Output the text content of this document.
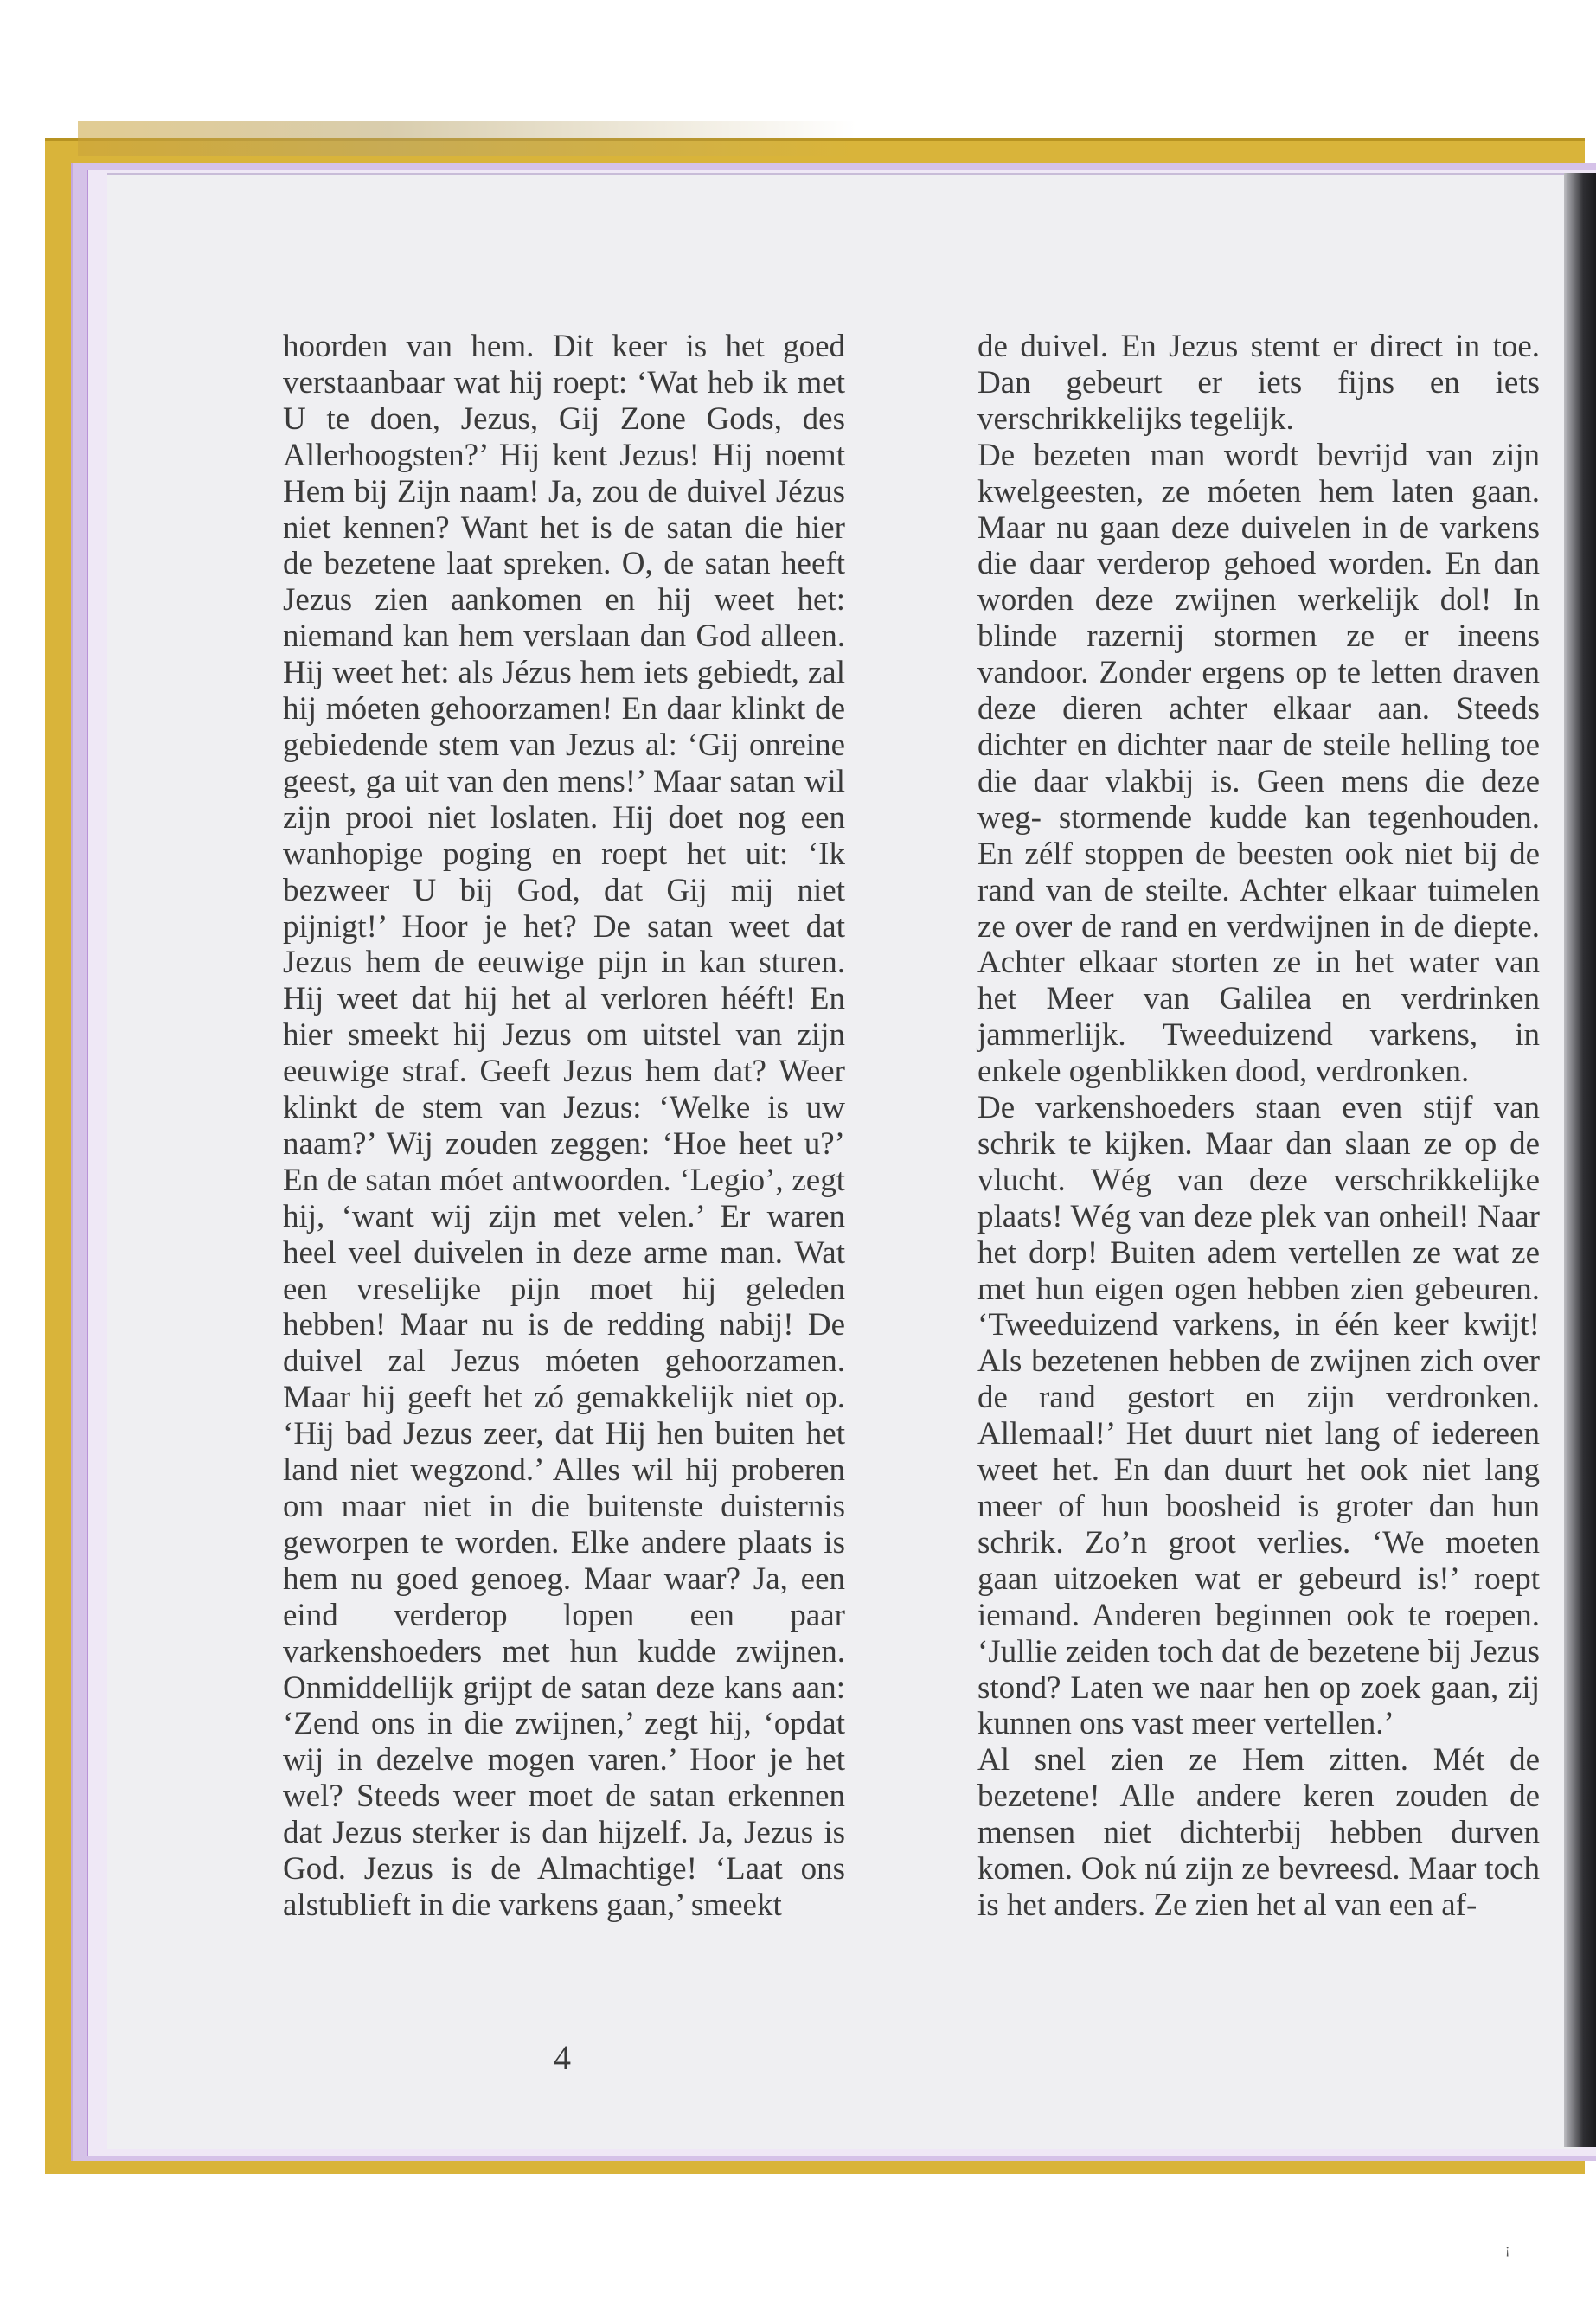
hoorden van hem. Dit keer is het goed verstaanbaar wat hij roept: ‘Wat heb ik met U te doen, Jezus, Gij Zone Gods, des Allerhoogsten?’ Hij kent Jezus! Hij noemt Hem bij Zijn naam! Ja, zou de duivel Jézus niet kennen? Want het is de satan die hier de bezetene laat spreken. O, de satan heeft Jezus zien aankomen en hij weet het: niemand kan hem verslaan dan God alleen. Hij weet het: als Jézus hem iets gebiedt, zal hij móeten gehoorzamen! En daar klinkt de gebiedende stem van Jezus al: ‘Gij onreine geest, ga uit van den mens!’ Maar satan wil zijn prooi niet loslaten. Hij doet nog een wanhopige poging en roept het uit: ‘Ik bezweer U bij God, dat Gij mij niet pijnigt!’ Hoor je het? De satan weet dat Jezus hem de eeuwige pijn in kan sturen. Hij weet dat hij het al verloren hééft! En hier smeekt hij Jezus om uitstel van zijn eeuwige straf. Geeft Jezus hem dat? Weer klinkt de stem van Jezus: ‘Welke is uw naam?’ Wij zouden zeggen: ‘Hoe heet u?’ En de satan móet antwoorden. ‘Legio’, zegt hij, ‘want wij zijn met velen.’ Er waren heel veel duivelen in deze arme man. Wat een vreselijke pijn moet hij geleden hebben! Maar nu is de redding nabij! De duivel zal Jezus móeten gehoorzamen. Maar hij geeft het zó gemakkelijk niet op. ‘Hij bad Jezus zeer, dat Hij hen buiten het land niet wegzond.’ Alles wil hij proberen om maar niet in die buitenste duisternis geworpen te worden. Elke andere plaats is hem nu goed genoeg. Maar waar? Ja, een eind verderop lopen een paar varkenshoeders met hun kudde zwijnen. Onmiddellijk grijpt de satan deze kans aan: ‘Zend ons in die zwijnen,’ zegt hij, ‘opdat wij in dezelve mogen varen.’ Hoor je het wel? Steeds weer moet de satan erkennen dat Jezus sterker is dan hijzelf. Ja, Jezus is God. Jezus is de Almachtige! ‘Laat ons alstublieft in die varkens gaan,’ smeekt

de duivel. En Jezus stemt er direct in toe. Dan gebeurt er iets fijns en iets verschrikkelijks tegelijk.

De bezeten man wordt bevrijd van zijn kwelgeesten, ze móeten hem laten gaan. Maar nu gaan deze duivelen in de varkens die daar verderop gehoed worden. En dan worden deze zwijnen werkelijk dol! In blinde razernij stormen ze er ineens vandoor. Zonder ergens op te letten draven deze dieren achter elkaar aan. Steeds dichter en dichter naar de steile helling toe die daar vlakbij is. Geen mens die deze weg- stormende kudde kan tegenhouden. En zélf stoppen de beesten ook niet bij de rand van de steilte. Achter elkaar tuimelen ze over de rand en verdwijnen in de diepte. Achter elkaar storten ze in het water van het Meer van Galilea en verdrinken jammerlijk. Tweeduizend varkens, in enkele ogenblikken dood, verdronken.

De varkenshoeders staan even stijf van schrik te kijken. Maar dan slaan ze op de vlucht. Wég van deze verschrikkelijke plaats! Wég van deze plek van onheil! Naar het dorp! Buiten adem vertellen ze wat ze met hun eigen ogen hebben zien gebeuren. ‘Tweeduizend varkens, in één keer kwijt! Als bezetenen hebben de zwijnen zich over de rand gestort en zijn verdronken. Allemaal!’ Het duurt niet lang of iedereen weet het. En dan duurt het ook niet lang meer of hun boosheid is groter dan hun schrik. Zo’n groot verlies. ‘We moeten gaan uitzoeken wat er gebeurd is!’ roept iemand. Anderen beginnen ook te roepen. ‘Jullie zeiden toch dat de bezetene bij Jezus stond? Laten we naar hen op zoek gaan, zij kunnen ons vast meer vertellen.’

Al snel zien ze Hem zitten. Mét de bezetene! Alle andere keren zouden de mensen niet dichterbij hebben durven komen. Ook nú zijn ze bevreesd. Maar toch is het anders. Ze zien het al van een af-

4
¡
